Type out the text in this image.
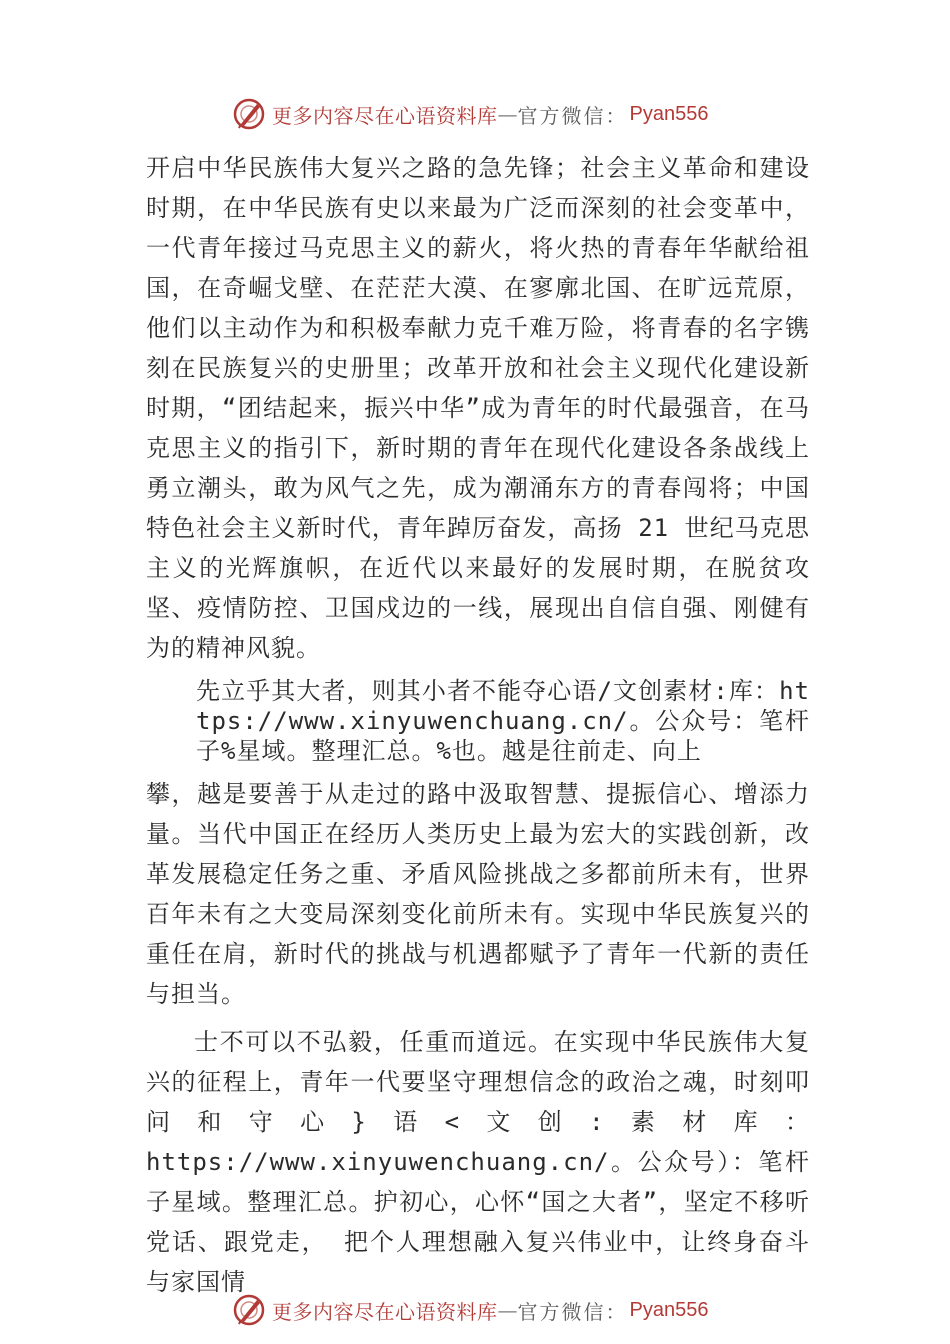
更多内容尽在心语资料库 — 官方微信： Pyan556

开启中华民族伟大复兴之路的急先锋；社会主义革命和建设时期，在中华民族有史以来最为广泛而深刻的社会变革中，一代青年接过马克思主义的薪火，将火热的青春年华献给祖国，在奇崛戈壁、在茫茫大漠、在寥廓北国、在旷远荒原，他们以主动作为和积极奉献力克千难万险，将青春的名字镌刻在民族复兴的史册里；改革开放和社会主义现代化建设新时期，“团结起来，振兴中华”成为青年的时代最强音，在马克思主义的指引下，新时期的青年在现代化建设各条战线上勇立潮头，敢为风气之先，成为潮涌东方的青春闯将；中国特色社会主义新时代，青年踔厉奋发，高扬 21 世纪马克思主义的光辉旗帜，在近代以来最好的发展时期，在脱贫攻坚、疫情防控、卫国戍边的一线，展现出自信自强、刚健有为的精神风貌。

先立乎其大者，则其小者不能夺心语/文创素材:库：https://www.xinyuwenchuang.cn/。公众号：笔杆子%星域。整理汇总。%也。越是往前走、向上

攀，越是要善于从走过的路中汲取智慧、提振信心、增添力量。当代中国正在经历人类历史上最为宏大的实践创新，改革发展稳定任务之重、矛盾风险挑战之多都前所未有，世界百年未有之大变局深刻变化前所未有。实现中华民族复兴的重任在肩，新时代的挑战与机遇都赋予了青年一代新的责任与担当。

士不可以不弘毅，任重而道远。在实现中华民族伟大复兴的征程上，青年一代要坚守理想信念的政治之魂，时刻叩问和守心}语<文创:素材库：https://www.xinyuwenchuang.cn/。公众号）：笔杆子星域。整理汇总。护初心，心怀“国之大者”，坚定不移听党话、跟党走， 把个人理想融入复兴伟业中，让终身奋斗与家国情

更多内容尽在心语资料库 — 官方微信： Pyan556
